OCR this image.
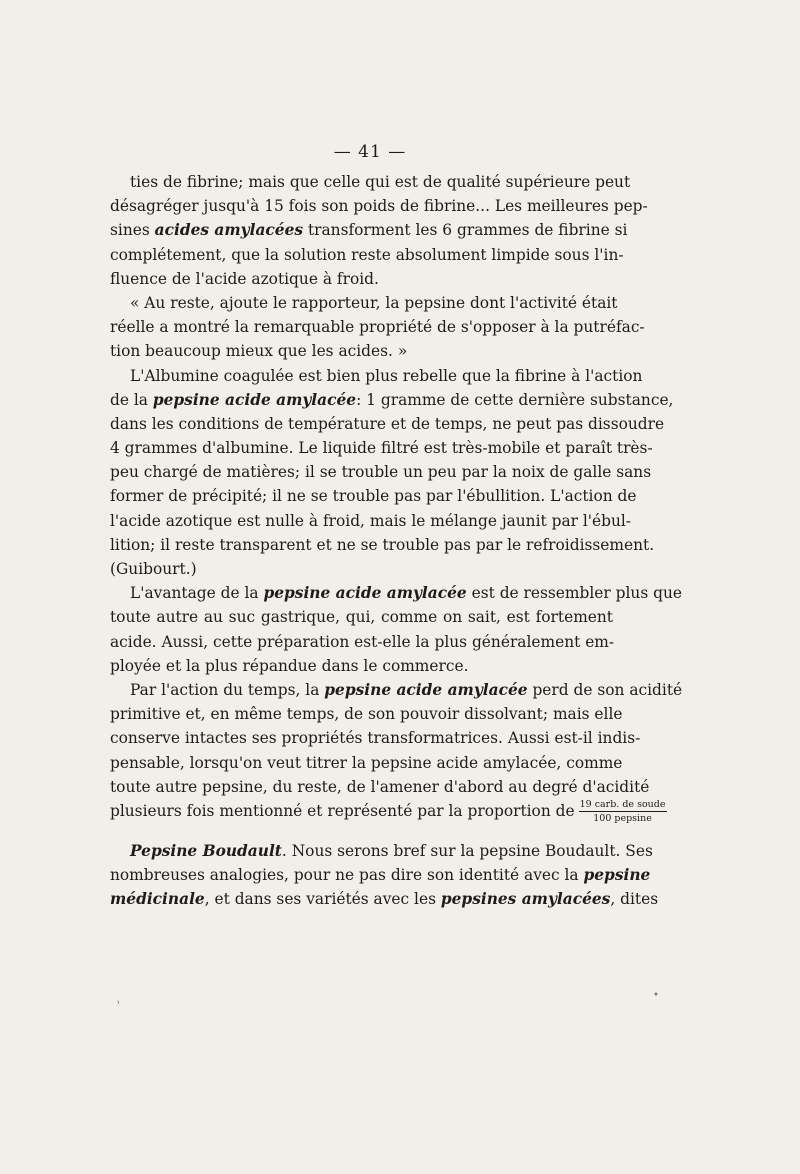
— 41 —
ties de fibrine; mais que celle qui est de qualité supérieure peut
désagréger jusqu'à 15 fois son poids de fibrine... Les meilleures pep-
sines acides amylacées transforment les 6 grammes de fibrine si
complétement, que la solution reste absolument limpide sous l'in-
fluence de l'acide azotique à froid.
« Au reste, ajoute le rapporteur, la pepsine dont l'activité était
réelle a montré la remarquable propriété de s'opposer à la putréfac-
tion beaucoup mieux que les acides. »
L'Albumine coagulée est bien plus rebelle que la fibrine à l'action
de la pepsine acide amylacée: 1 gramme de cette dernière substance,
dans les conditions de température et de temps, ne peut pas dissoudre
4 grammes d'albumine. Le liquide filtré est très-mobile et paraît très-
peu chargé de matières; il se trouble un peu par la noix de galle sans
former de précipité; il ne se trouble pas par l'ébullition. L'action de
l'acide azotique est nulle à froid, mais le mélange jaunit par l'ébul-
lition; il reste transparent et ne se trouble pas par le refroidissement.
(Guibourt.)
L'avantage de la pepsine acide amylacée est de ressembler plus que
toute autre au suc gastrique, qui, comme on sait, est fortement
acide. Aussi, cette préparation est-elle la plus généralement em-
ployée et la plus répandue dans le commerce.
Par l'action du temps, la pepsine acide amylacée perd de son acidité
primitive et, en même temps, de son pouvoir dissolvant; mais elle
conserve intactes ses propriétés transformatrices. Aussi est-il indis-
pensable, lorsqu'on veut titrer la pepsine acide amylacée, comme
toute autre pepsine, du reste, de l'amener d'abord au degré d'acidité
plusieurs fois mentionné et représenté par la proportion de $\frac{\text{19 carb. de soude}}{\text{100 pepsine}}$
Pepsine Boudault. Nous serons bref sur la pepsine Boudault. Ses
nombreuses analogies, pour ne pas dire son identité avec la pepsine
médicinale, et dans ses variétés avec les pepsines amylacées, dites
`
•
